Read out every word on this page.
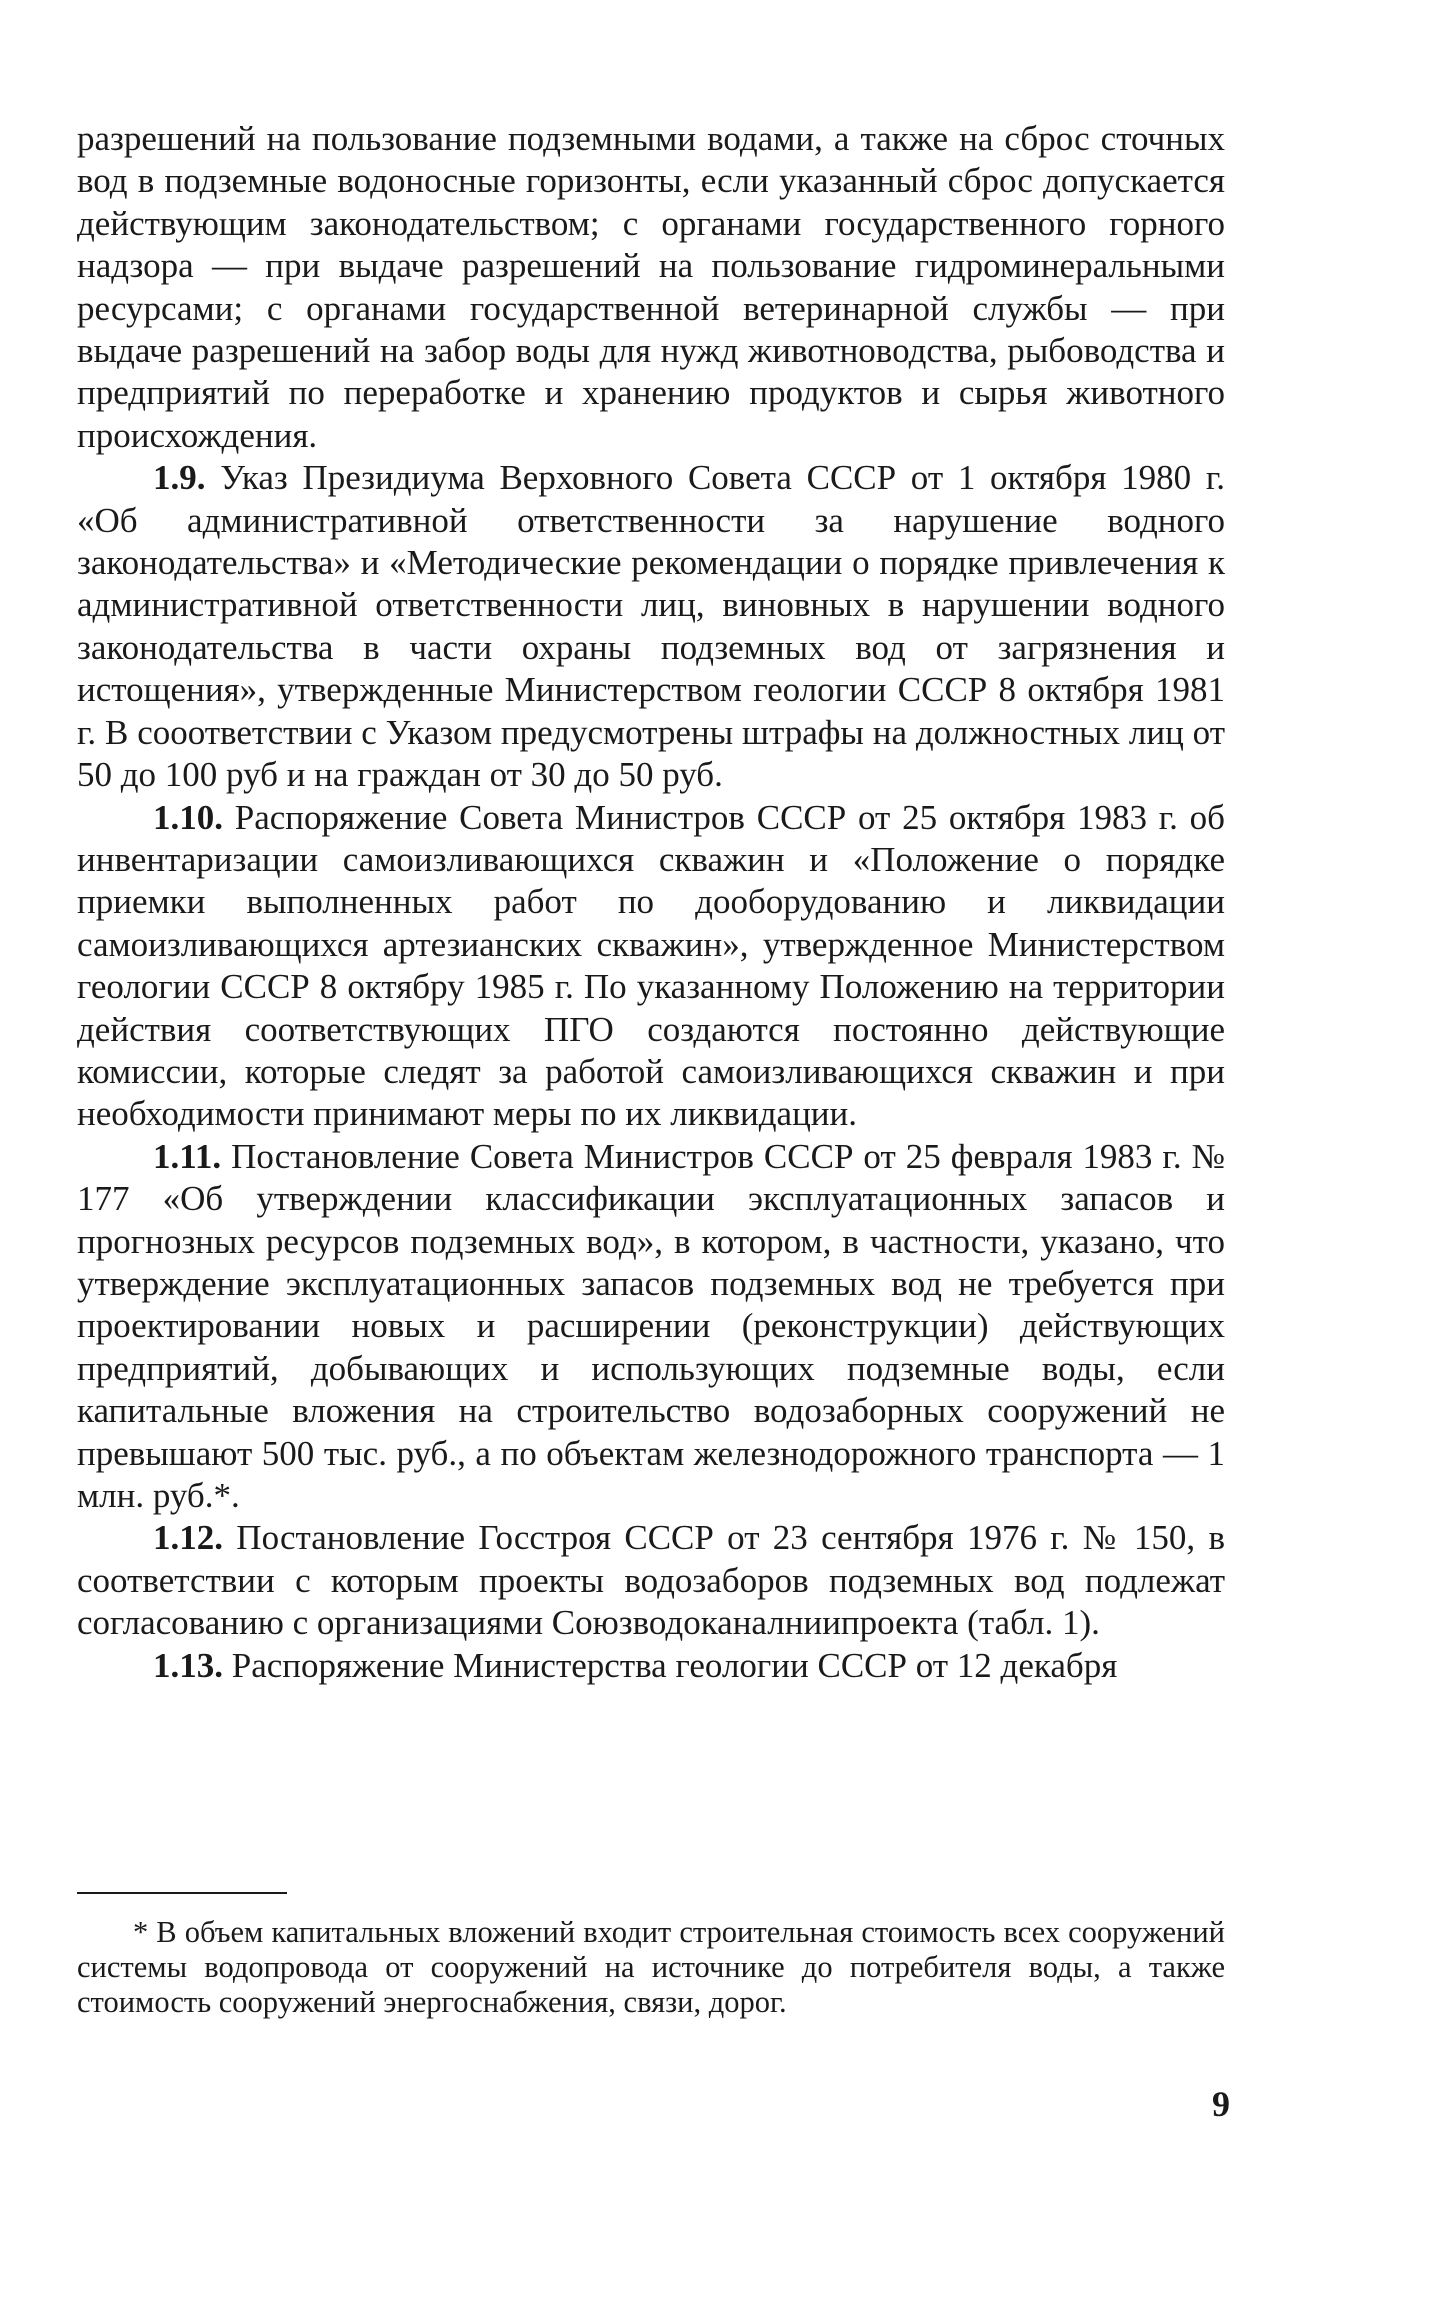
разрешений на пользование подземными водами, а также на сброс сточных вод в подземные водоносные горизонты, если указанный сброс допускается действующим законодательством; с органами государственного горного надзора — при выдаче разрешений на пользование гидроминеральными ресурсами; с органами государственной ветеринарной службы — при выдаче разрешений на забор воды для нужд животноводства, рыбоводства и предприятий по переработке и хранению продуктов и сырья животного происхождения.

1.9. Указ Президиума Верховного Совета СССР от 1 октября 1980 г. «Об административной ответственности за нарушение водного законодательства» и «Методические рекомендации о порядке привлечения к административной ответственности лиц, виновных в нарушении водного законодательства в части охраны подземных вод от загрязнения и истощения», утвержденные Министерством геологии СССР 8 октября 1981 г. В сооответствии с Указом предусмотрены штрафы на должностных лиц от 50 до 100 руб и на граждан от 30 до 50 руб.

1.10. Распоряжение Совета Министров СССР от 25 октября 1983 г. об инвентаризации самоизливающихся скважин и «Положение о порядке приемки выполненных работ по дооборудованию и ликвидации самоизливающихся артезианских скважин», утвержденное Министерством геологии СССР 8 октябру 1985 г. По указанному Положению на территории действия соответствующих ПГО создаются постоянно действующие комиссии, которые следят за работой самоизливающихся скважин и при необходимости принимают меры по их ликвидации.

1.11. Постановление Совета Министров СССР от 25 февраля 1983 г. № 177 «Об утверждении классификации эксплуатационных запасов и прогнозных ресурсов подземных вод», в котором, в частности, указано, что утверждение эксплуатационных запасов подземных вод не требуется при проектировании новых и расширении (реконструкции) действующих предприятий, добывающих и использующих подземные воды, если капитальные вложения на строительство водозаборных сооружений не превышают 500 тыс. руб., а по объектам железнодорожного транспорта — 1 млн. руб.*.

1.12. Постановление Госстроя СССР от 23 сентября 1976 г. № 150, в соответствии с которым проекты водозаборов подземных вод подлежат согласованию с организациями Союзводоканалниипроекта (табл. 1).

1.13. Распоряжение Министерства геологии СССР от 12 декабря

* В объем капитальных вложений входит строительная стоимость всех сооружений системы водопровода от сооружений на источнике до потребителя воды, а также стоимость сооружений энергоснабжения, связи, дорог.

9
